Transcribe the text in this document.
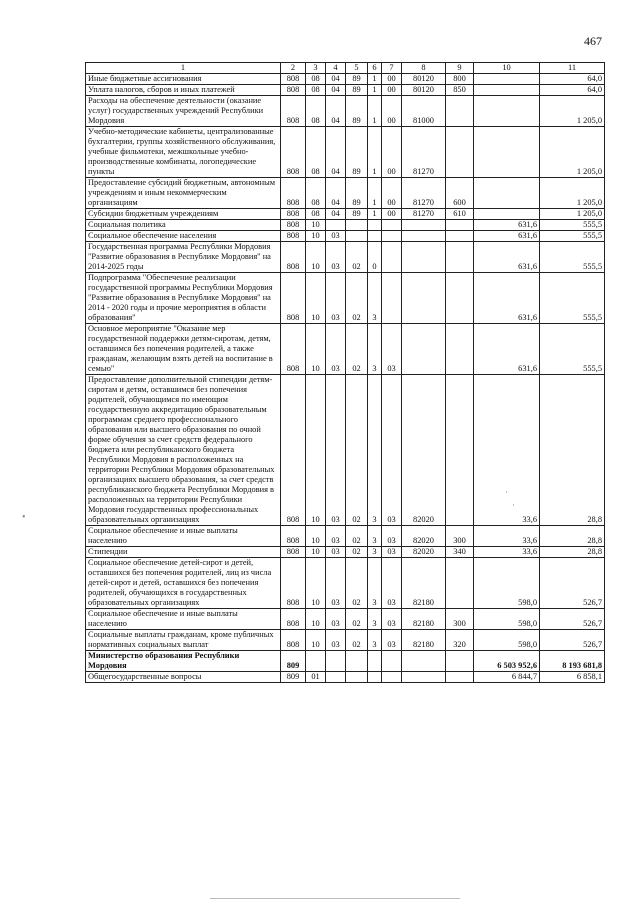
467
1	2	3	4	5	6	7	8	9	10	11
Иные бюджетные ассигнования	808	08	04	89	1	00	80120	800		64,0
Уплата налогов, сборов и иных платежей	808	08	04	89	1	00	80120	850		64,0
Расходы на обеспечение деятельности (оказание услуг) государственных учреждений Республики Мордовия	808	08	04	89	1	00	81000			1 205,0
Учебно-методические кабинеты, централизованные бухгалтерии, группы хозяйственного обслуживания, учебные фильмотеки, межшкольные учебно-производственные комбинаты, логопедические пункты	808	08	04	89	1	00	81270			1 205,0
Предоставление субсидий бюджетным, автономным учреждениям и иным некоммерческим организациям	808	08	04	89	1	00	81270	600		1 205,0
Субсидии бюджетным учреждениям	808	08	04	89	1	00	81270	610		1 205,0
Социальная политика	808	10							631,6	555,5
Социальное обеспечение населения	808	10	03						631,6	555,5
Государственная программа Республики Мордовия "Развитие образования в Республике Мордовия" на 2014-2025 годы	808	10	03	02	0				631,6	555,5
Подпрограмма "Обеспечение реализации государственной программы Республики Мордовия "Развитие образования в Республике Мордовия" на 2014 - 2020 годы и прочие мероприятия в области образования"	808	10	03	02	3				631,6	555,5
Основное мероприятие "Оказание мер государственной поддержки детям-сиротам, детям, оставшимся без попечения родителей, а также гражданам, желающим взять детей на воспитание в семью"	808	10	03	02	3	03			631,6	555,5
Предоставление дополнительной стипендии детям-сиротам и детям, оставшимся без попечения родителей, обучающимся по имеющим государственную аккредитацию образовательным программам среднего профессионального образования или высшего образования по очной форме обучения за счет средств федерального бюджета или республиканского бюджета Республики Мордовия в расположенных на территории Республики Мордовия образовательных организациях высшего образования, за счет средств республиканского бюджета Республики Мордовия в расположенных на территории Республики Мордовия государственных профессиональных образовательных организациях	808	10	03	02	3	03	82020		33,6	28,8
Социальное обеспечение и иные выплаты населению	808	10	03	02	3	03	82020	300	33,6	28,8
Стипендии	808	10	03	02	3	03	82020	340	33,6	28,8
Социальное обеспечение детей-сирот и детей, оставшихся без попечения родителей, лиц из числа детей-сирот и детей, оставшихся без попечения родителей, обучающихся в государственных образовательных организациях	808	10	03	02	3	03	82180		598,0	526,7
Социальное обеспечение и иные выплаты населению	808	10	03	02	3	03	82180	300	598,0	526,7
Социальные выплаты гражданам, кроме публичных нормативных социальных выплат	808	10	03	02	3	03	82180	320	598,0	526,7
Министерство образования Республики Мордовия	809								6 503 952,6	8 193 681,8
Общегосударственные вопросы	809	01							6 844,7	6 858,1
·
·
•
